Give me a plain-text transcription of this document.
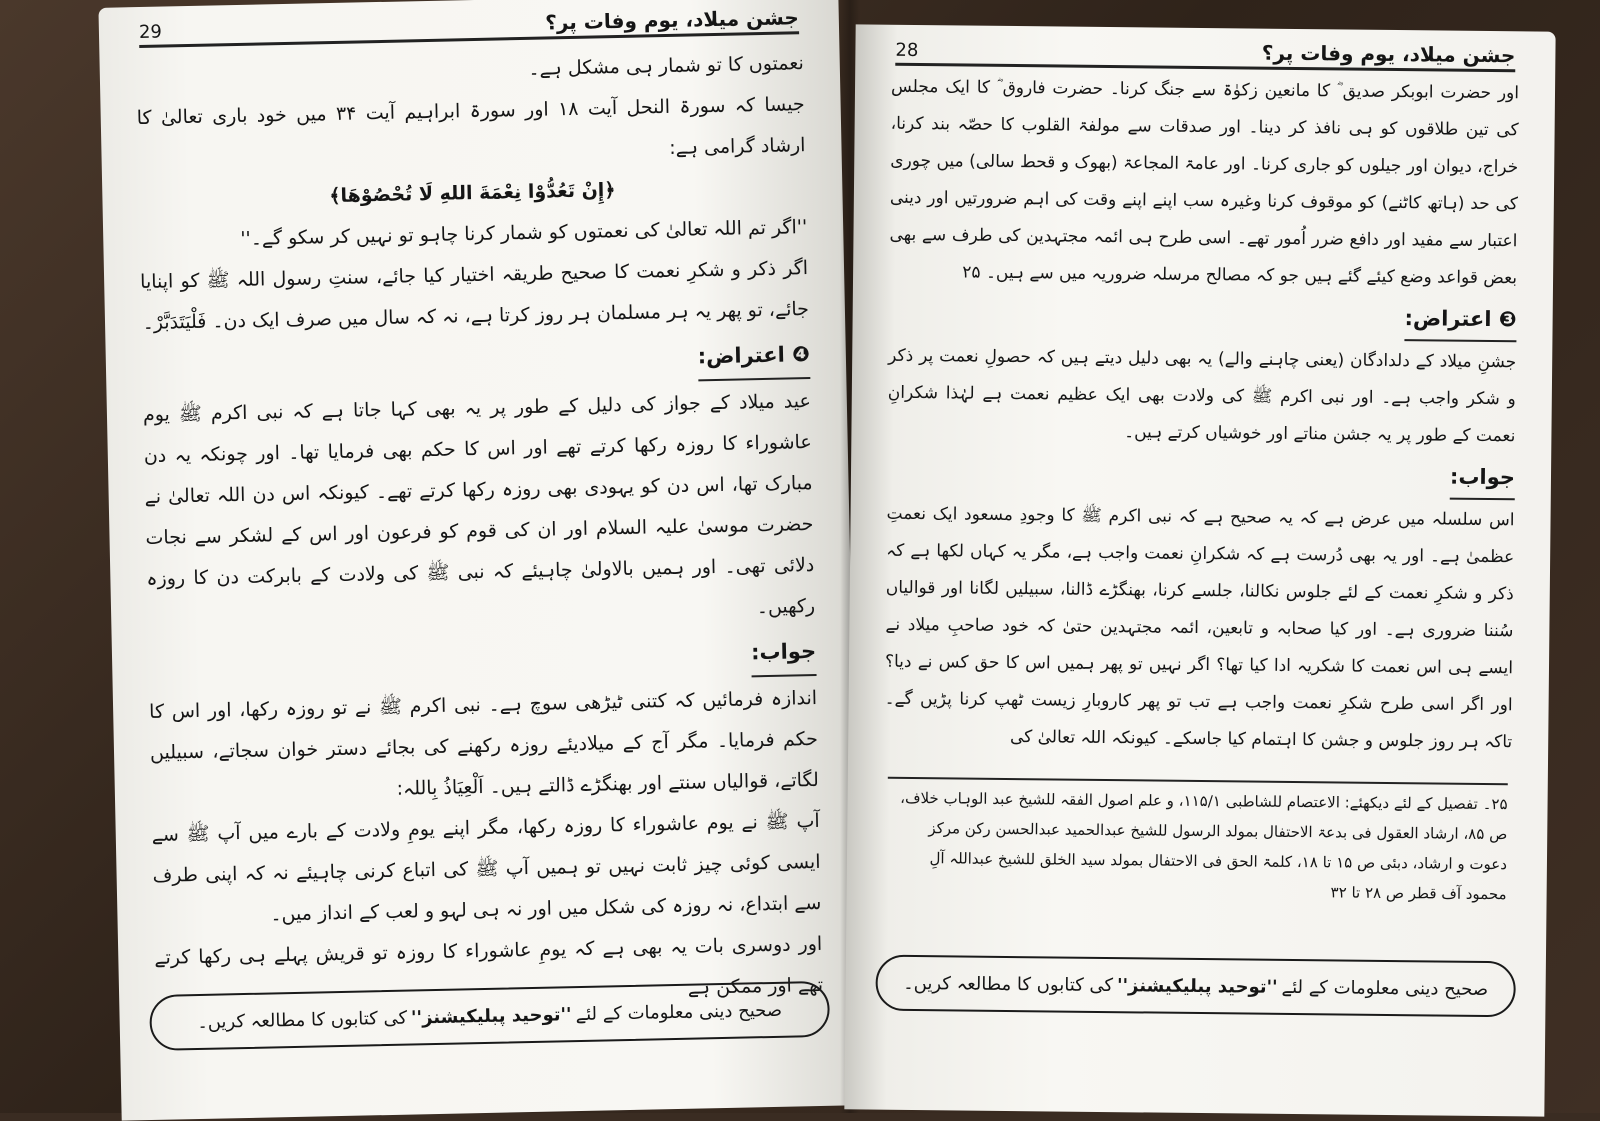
29	جشن میلاد، یوم وفات پر؟

نعمتوں کا تو شمار ہی مشکل ہے۔

جیسا کہ سورۃ النحل آیت ۱۸ اور سورۃ ابراہیم آیت ۳۴ میں خود باری تعالیٰ کا ارشاد گرامی ہے:

﴿إِنْ تَعُدُّوْا نِعْمَةَ اللهِ لَا تُحْصُوْهَا﴾

''اگر تم اللہ تعالیٰ کی نعمتوں کو شمار کرنا چاہو تو نہیں کر سکو گے۔''

اگر ذکر و شکرِ نعمت کا صحیح طریقہ اختیار کیا جائے، سنتِ رسول اللہ ﷺ کو اپنایا جائے، تو پھر یہ ہر مسلمان ہر روز کرتا ہے، نہ کہ سال میں صرف ایک دن۔ فَلْیَتَدَبَّرْ۔

❹ اعتراض:

عید میلاد کے جواز کی دلیل کے طور پر یہ بھی کہا جاتا ہے کہ نبی اکرم ﷺ یوم عاشوراء کا روزہ رکھا کرتے تھے اور اس کا حکم بھی فرمایا تھا۔ اور چونکہ یہ دن مبارک تھا، اس دن کو یہودی بھی روزہ رکھا کرتے تھے۔ کیونکہ اس دن اللہ تعالیٰ نے حضرت موسیٰ علیہ السلام اور ان کی قوم کو فرعون اور اس کے لشکر سے نجات دلائی تھی۔ اور ہمیں بالاولیٰ چاہیئے کہ نبی ﷺ کی ولادت کے بابرکت دن کا روزہ رکھیں۔

جواب:

اندازہ فرمائیں کہ کتنی ٹیڑھی سوچ ہے۔ نبی اکرم ﷺ نے تو روزہ رکھا، اور اس کا حکم فرمایا۔ مگر آج کے میلادیئے روزہ رکھنے کی بجائے دستر خوان سجاتے، سبیلیں لگاتے، قوالیاں سنتے اور بھنگڑے ڈالتے ہیں۔ اَلْعِیَاذُ بِاللہ:

آپ ﷺ نے یوم عاشوراء کا روزہ رکھا، مگر اپنے یومِ ولادت کے بارے میں آپ ﷺ سے ایسی کوئی چیز ثابت نہیں تو ہمیں آپ ﷺ کی اتباع کرنی چاہیئے نہ کہ اپنی طرف سے ابتداع، نہ روزہ کی شکل میں اور نہ ہی لہو و لعب کے انداز میں۔

اور دوسری بات یہ بھی ہے کہ یومِ عاشوراء کا روزہ تو قریش پہلے ہی رکھا کرتے تھے اور ممکن ہے

صحیح دینی معلومات کے لئے
''توحید پبلیکیشنز''
کی کتابوں کا مطالعہ کریں۔
28	جشن میلاد، یوم وفات پر؟

اور حضرت ابوبکر صدیق ؓ کا مانعین زکوٰۃ سے جنگ کرنا۔ حضرت فاروق ؓ کا ایک مجلس کی تین طلاقوں کو ہی نافذ کر دینا۔ اور صدقات سے مولفۃ القلوب کا حصّہ بند کرنا، خراج، دیوان اور جیلوں کو جاری کرنا۔ اور عامۃ المجاعۃ (بھوک و قحط سالی) میں چوری کی حد (ہاتھ کاٹنے) کو موقوف کرنا وغیرہ سب اپنے اپنے وقت کی اہم ضرورتیں اور دینی اعتبار سے مفید اور دافع ضرر اُمور تھے۔ اسی طرح ہی ائمہ مجتہدین کی طرف سے بھی بعض قواعد وضع کیئے گئے ہیں جو کہ مصالح مرسلہ ضروریہ میں سے ہیں۔ ۲۵

❸ اعتراض:

جشنِ میلاد کے دلدادگان (یعنی چاہنے والے) یہ بھی دلیل دیتے ہیں کہ حصولِ نعمت پر ذکر و شکر واجب ہے۔ اور نبی اکرم ﷺ کی ولادت بھی ایک عظیم نعمت ہے لہٰذا شکرانِ نعمت کے طور پر یہ جشن مناتے اور خوشیاں کرتے ہیں۔

جواب:

اس سلسلہ میں عرض ہے کہ یہ صحیح ہے کہ نبی اکرم ﷺ کا وجودِ مسعود ایک نعمتِ عظمیٰ ہے۔ اور یہ بھی دُرست ہے کہ شکرانِ نعمت واجب ہے، مگر یہ کہاں لکھا ہے کہ ذکر و شکرِ نعمت کے لئے جلوس نکالنا، جلسے کرنا، بھنگڑے ڈالنا، سبیلیں لگانا اور قوالیاں سُننا ضروری ہے۔ اور کیا صحابہ و تابعین، ائمہ مجتہدین حتیٰ کہ خود صاحبِ میلاد نے ایسے ہی اس نعمت کا شکریہ ادا کیا تھا؟ اگر نہیں تو پھر ہمیں اس کا حق کس نے دیا؟ اور اگر اسی طرح شکرِ نعمت واجب ہے تب تو پھر کاروبارِ زیست ٹھپ کرنا پڑیں گے۔ تاکہ ہر روز جلوس و جشن کا اہتمام کیا جاسکے۔ کیونکہ اللہ تعالیٰ کی

۲۵۔ تفصیل کے لئے دیکھئے: الاعتصام للشاطبی ۱۱۵/۱، و علم اصول الفقہ للشیخ عبد الوہاب خلاف، ص ۸۵، ارشاد العقول فی بدعۃ الاحتفال بمولد الرسول للشیخ عبدالحمید عبدالحسن رکن مرکز دعوت و ارشاد، دبئی ص ۱۵ تا ۱۸، کلمۃ الحق فی الاحتفال بمولد سید الخلق للشیخ عبداللہ آلِ محمود آف قطر ص ۲۸ تا ۳۲
صحیح دینی معلومات کے لئے
''توحید پبلیکیشنز''
کی کتابوں کا مطالعہ کریں۔
